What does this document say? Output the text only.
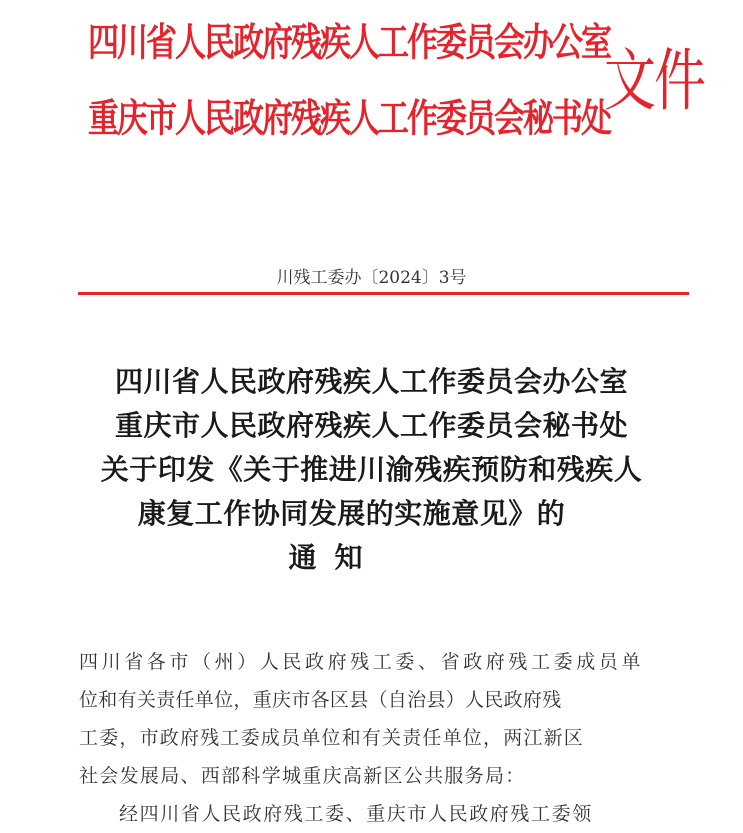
四川省人民政府残疾人工作委员会办公室
重庆市人民政府残疾人工作委员会秘书处
文件
川残工委办〔2024〕3号
四川省人民政府残疾人工作委员会办公室
重庆市人民政府残疾人工作委员会秘书处
关于印发《关于推进川渝残疾预防和残疾人
康复工作协同发展的实施意见》的
通知
四川省各市（州）人民政府残工委、省政府残工委成员单
位和有关责任单位，重庆市各区县（自治县）人民政府残
工委，市政府残工委成员单位和有关责任单位，两江新区
社会发展局、西部科学城重庆高新区公共服务局：
经四川省人民政府残工委、重庆市人民政府残工委领
